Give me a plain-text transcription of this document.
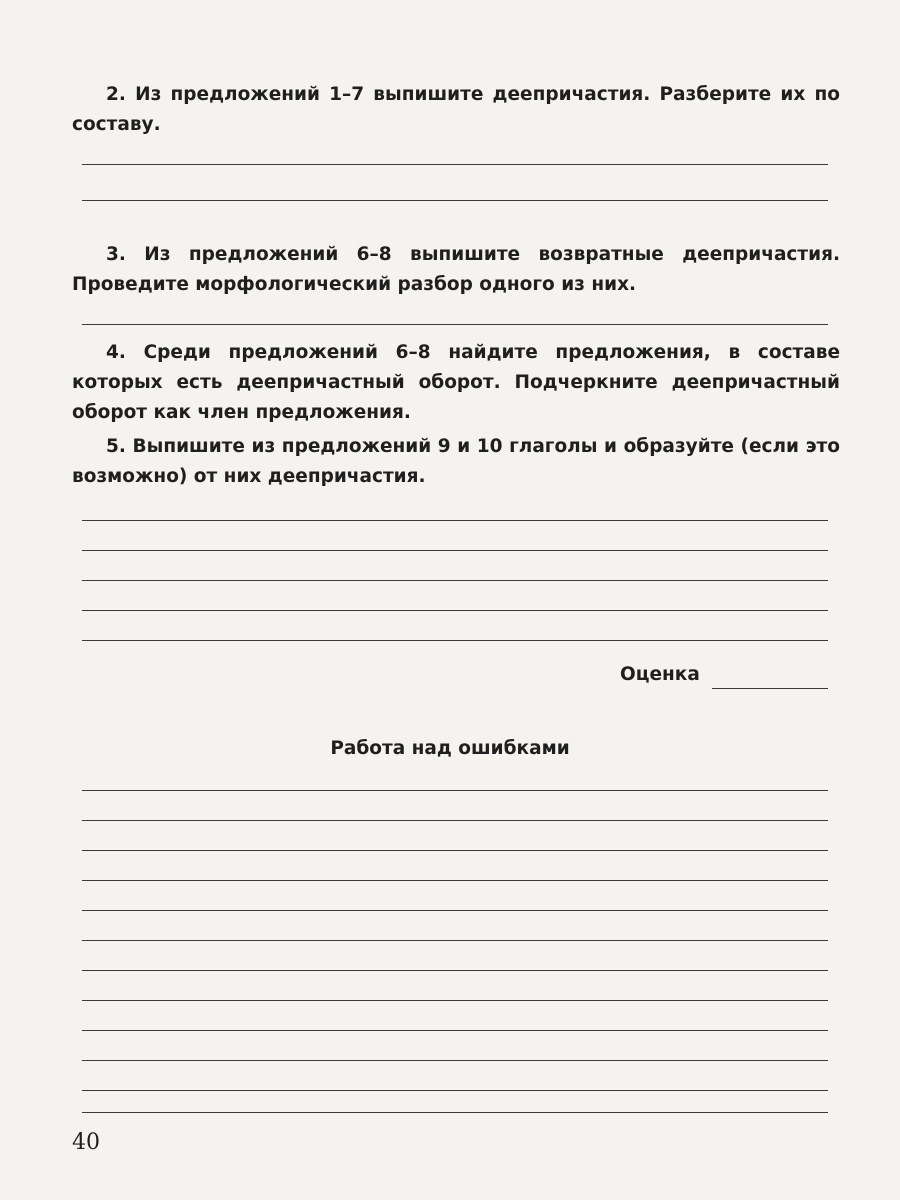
2. Из предложений 1–7 выпишите деепричастия. Разберите их по составу.
3. Из предложений 6–8 выпишите возвратные деепричастия. Проведите морфологический разбор одного из них.
4. Среди предложений 6–8 найдите предложения, в составе которых есть деепричастный оборот. Подчеркните деепричастный оборот как член предложения.
5. Выпишите из предложений 9 и 10 глаголы и образуйте (если это возможно) от них деепричастия.
Оценка
Работа над ошибками
40
